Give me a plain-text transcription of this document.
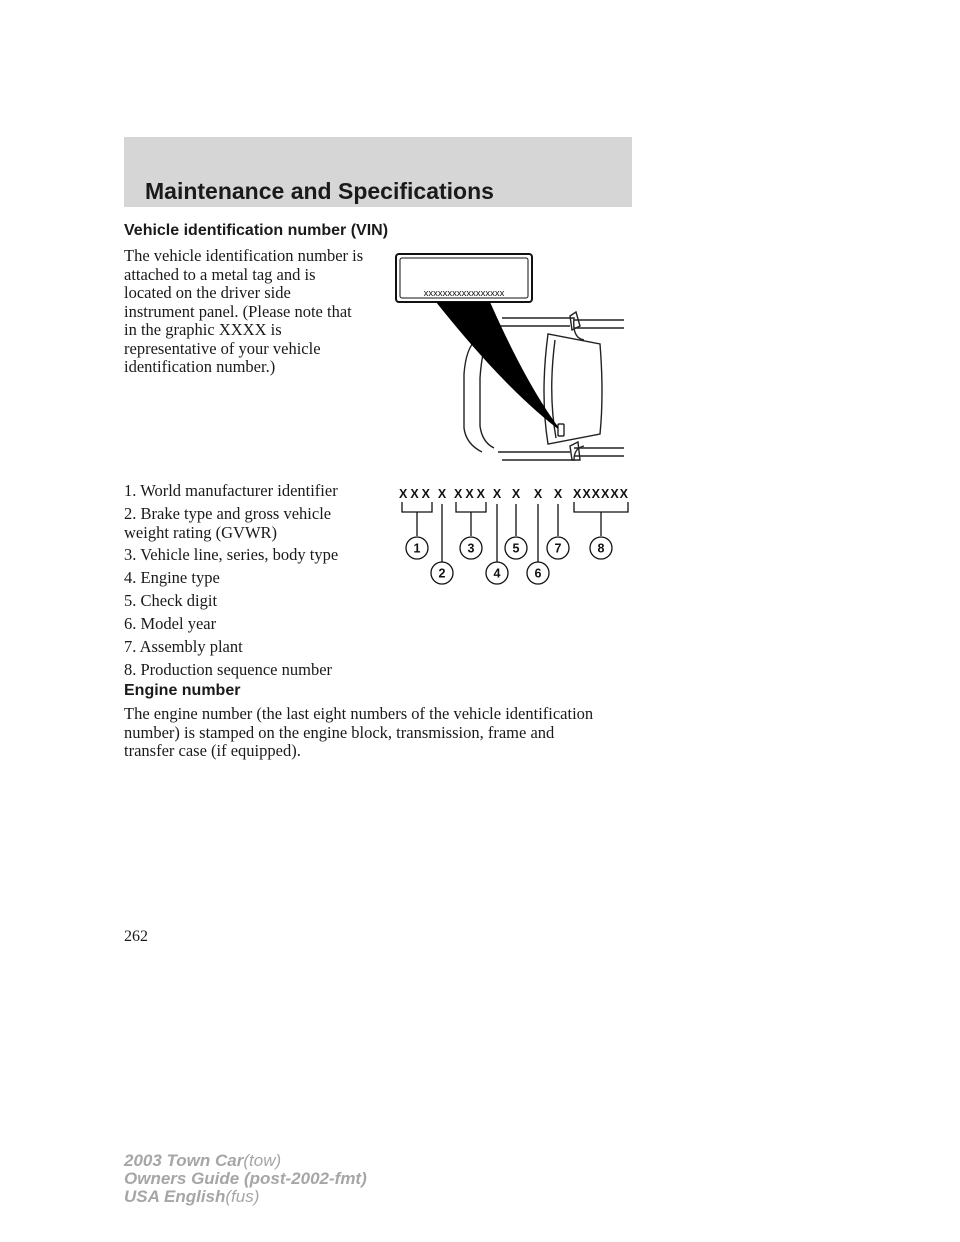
Maintenance and Specifications
Vehicle identification number (VIN)
The vehicle identification number is
attached to a metal tag and is
located on the driver side
instrument panel. (Please note that
in the graphic XXXX is
representative of your vehicle
identification number.)
xxxxxxxxxxxxxxxxx
1. World manufacturer identifier
2. Brake type and gross vehicle
weight rating (GVWR)
3. Vehicle line, series, body type
4. Engine type
5. Check digit
6. Model year
7. Assembly plant
8. Production sequence number
XXX X XXX X X X X XXXXXX
1
2
3
4
5
6
7	8
Engine number
The engine number (the last eight numbers of the vehicle identification
number) is stamped on the engine block, transmission, frame and
transfer case (if equipped).
262
2003 Town Car(tow)
Owners Guide (post-2002-fmt)
USA English(fus)
